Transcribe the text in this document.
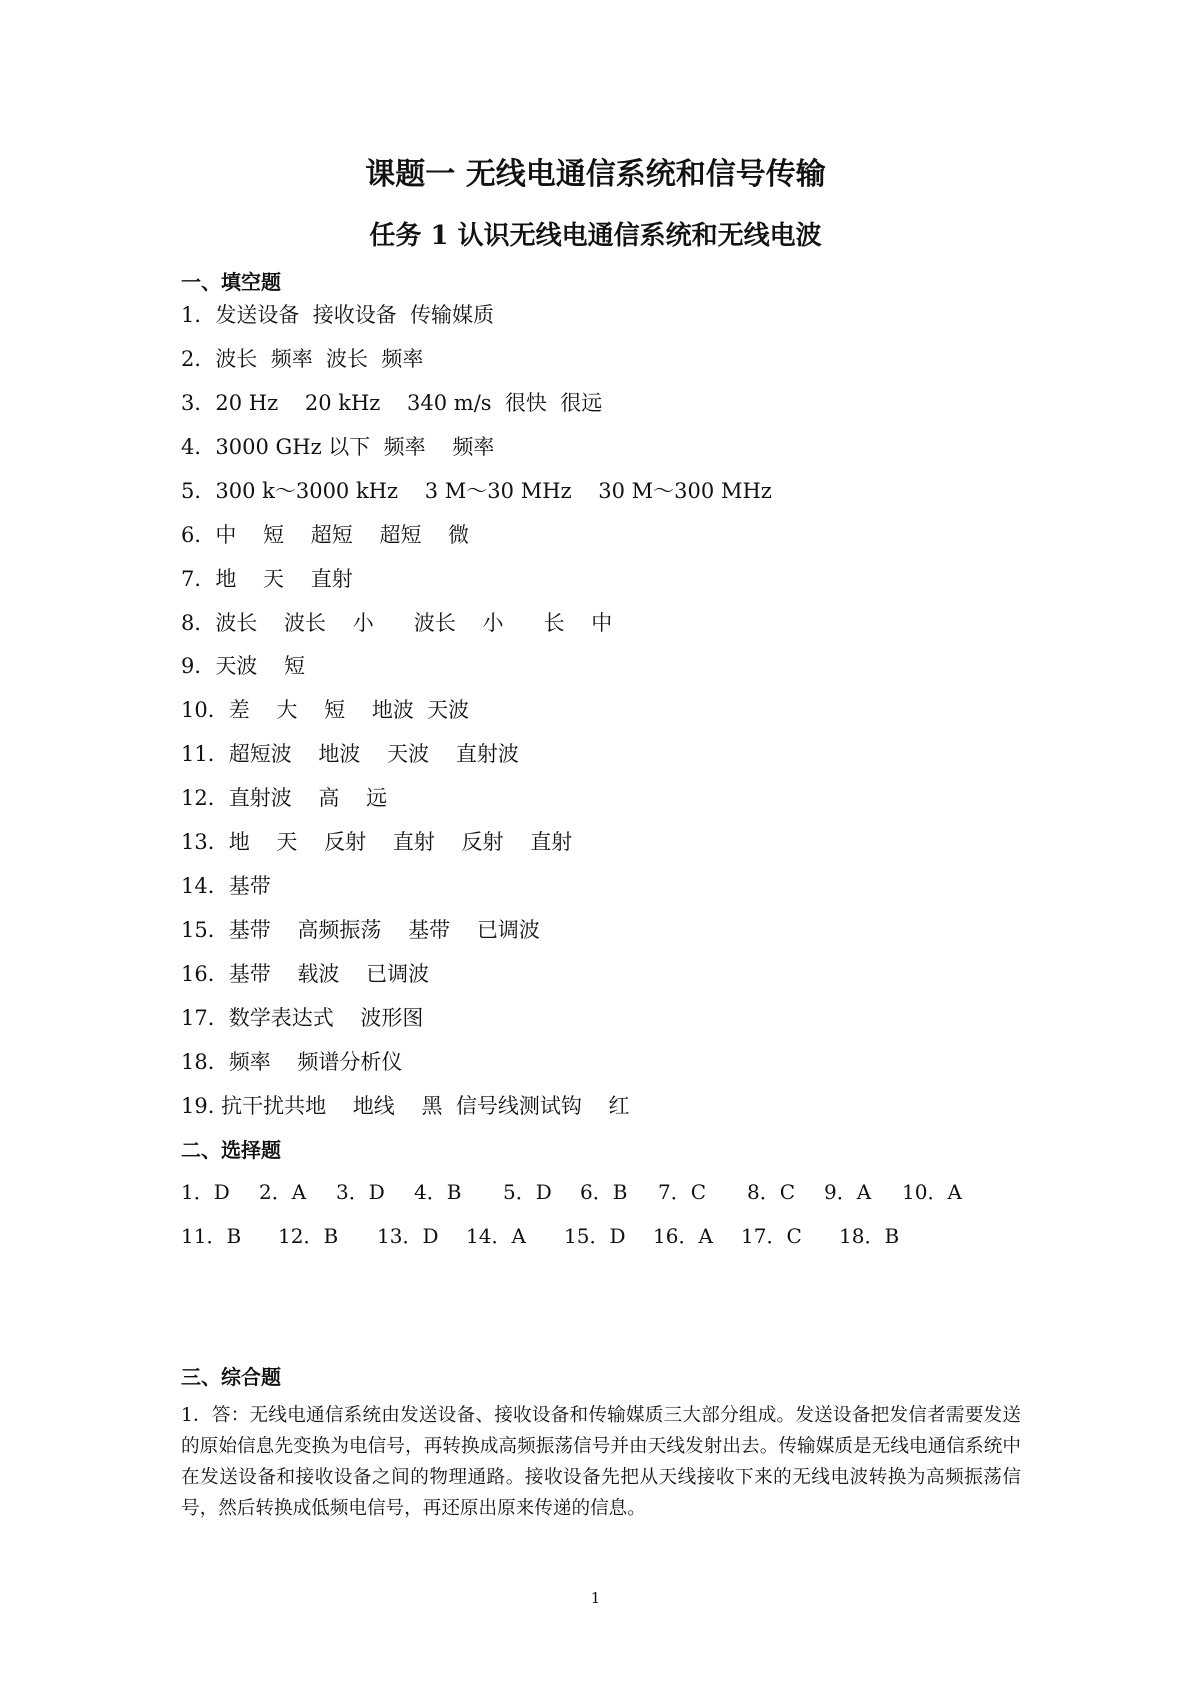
课题一 无线电通信系统和信号传输
任务 1 认识无线电通信系统和无线电波
一、填空题
1．发送设备  接收设备  传输媒质
2．波长  频率  波长  频率
3．20 Hz    20 kHz    340 m/s  很快  很远
4．3000 GHz 以下  频率    频率
5．300 k～3000 kHz    3 M～30 MHz    30 M～300 MHz
6．中    短    超短    超短    微
7．地    天    直射
8．波长    波长    小      波长    小      长    中
9．天波    短
10．差    大    短    地波  天波
11．超短波    地波    天波    直射波
12．直射波    高    远
13．地    天    反射    直射    反射    直射
14．基带
15．基带    高频振荡    基带    已调波
16．基带    载波    已调波
17．数学表达式    波形图
18．频率    频谱分析仪
19. 抗干扰共地    地线    黑  信号线测试钩    红
二、选择题
1．D 2．A 3．D 4．B 5．D 6．B 7．C 8．C 9．A 10．A
11．B 12．B 13．D 14．A 15．D 16．A 17．C 18．B
三、综合题
1．答：无线电通信系统由发送设备、接收设备和传输媒质三大部分组成。发送设备把发信者需要发送的原始信息先变换为电信号，再转换成高频振荡信号并由天线发射出去。传输媒质是无线电通信系统中在发送设备和接收设备之间的物理通路。接收设备先把从天线接收下来的无线电波转换为高频振荡信号，然后转换成低频电信号，再还原出原来传递的信息。
1
